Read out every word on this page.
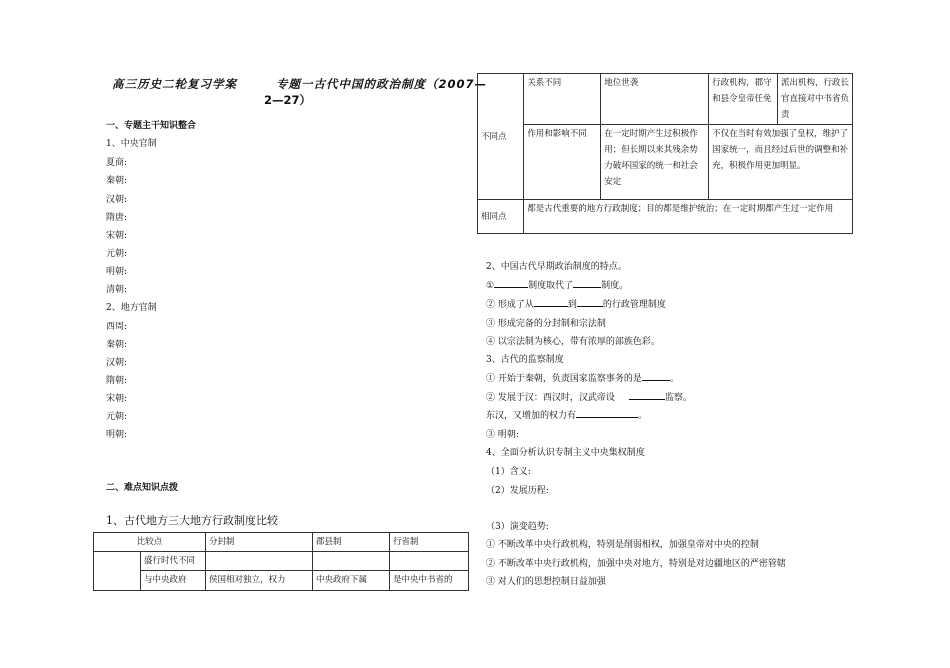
高三历史二轮复习学案	专题一古代中国的政治制度（2007—
2—27）
一、专题主干知识整合
1、中央官制
夏商:
秦朝:
汉朝:
隋唐:
宋朝:
元朝:
明朝:
清朝:
2、地方官制
西周:
秦朝:
汉朝:
隋朝:
宋朝:
元朝:
明朝:
二、难点知识点拨
1、古代地方三大地方行政制度比较
比较点		分封制	郡县制	行省制
	盛行时代不同			
	与中央政府	侯国相对独立，权力	中央政府下属	是中央中书省的
不同点	关系不同	地位世袭	行政机构，郡守和县令皇帝任免	派出机构，行政长官直接对中书省负责
	作用和影响不同	在一定时期产生过积极作用；但长期以来其残余势力破坏国家的统一和社会安定	不仅在当时有效加强了皇权，维护了国家统一，而且经过后世的调整和补充，积极作用更加明显。	
相同点	都是古代重要的地方行政制度；目的都是维护统治；在一定时期都产生过一定作用			
2、中国古代早期政治制度的特点。
①	制度取代了	制度。
② 形成了从	到	的行政管理制度
③ 形成完备的分封制和宗法制
④ 以宗法制为核心，带有浓厚的部族色彩。
3、古代的监察制度
① 开始于秦朝，负责国家监察事务的是	。
② 发展于汉：西汉时，汉武帝设	监察。
东汉，又增加的权力有	。
③ 明朝:
4、全面分析认识专制主义中央集权制度
（1）含义:
（2）发展历程:
（3）演变趋势:
① 不断改革中央行政机构，特别是削弱相权，加强皇帝对中央的控制
② 不断改革中央行政机构，加强中央对地方，特别是对边疆地区的严密管辖
③ 对人们的思想控制日益加强
